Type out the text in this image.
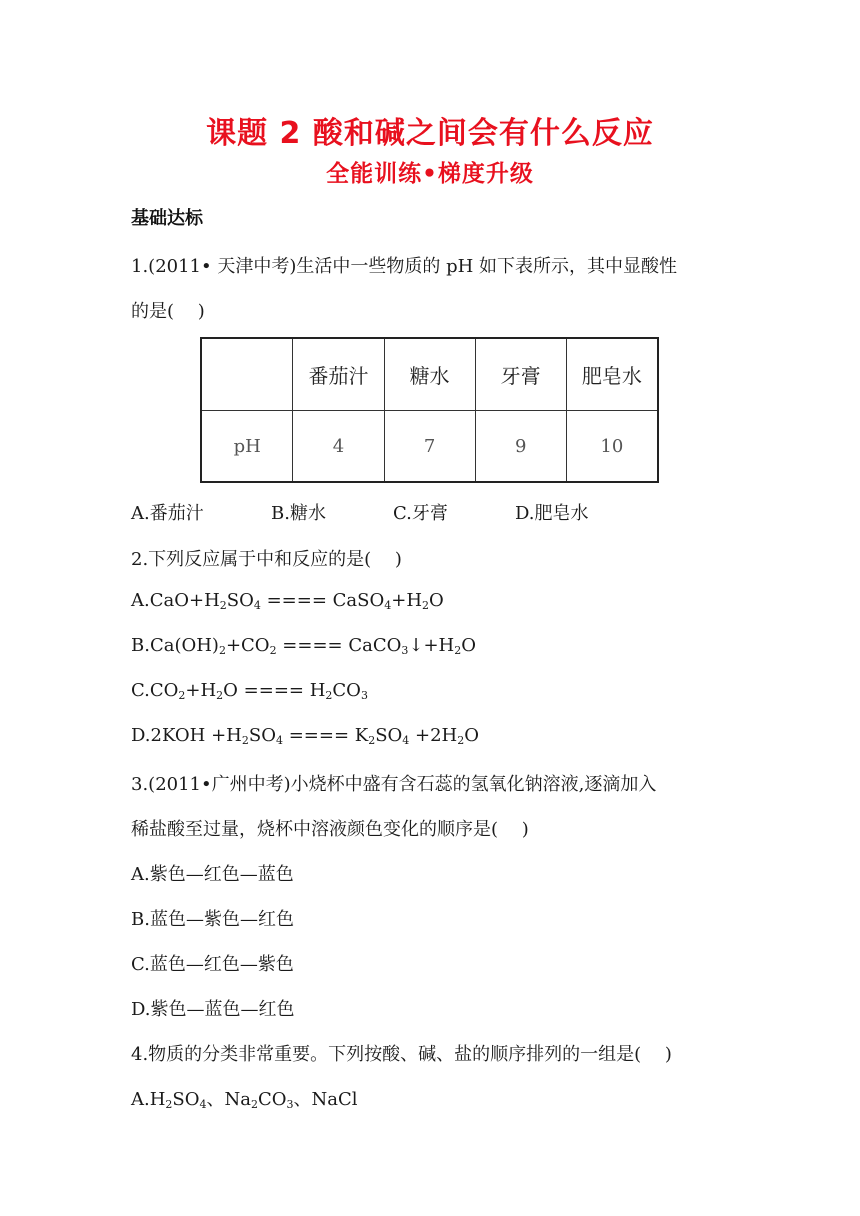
课题 2 酸和碱之间会有什么反应
全能训练•梯度升级
基础达标
1.(2011• 天津中考)生活中一些物质的 pH 如下表所示，其中显酸性
的是(　 )
	番茄汁	糖水	牙膏	肥皂水
pH	4	7	9	10
A.番茄汁	B.糖水	C.牙膏	D.肥皂水
2.下列反应属于中和反应的是(　 )
$A.CaO+H_2SO_4$ ==== $CaSO_4+H_2O$
$B.Ca(OH)_2+CO_2$ ==== $CaCO_3↓+H_2O$
$C.CO_2+H_2O$ ==== $H_2CO_3$
$D.2KOH +H_2SO_4$ ==== $K_2SO_4 +2H_2O$
3.(2011•广州中考)小烧杯中盛有含石蕊的氢氧化钠溶液,逐滴加入
稀盐酸至过量，烧杯中溶液颜色变化的顺序是(　 )
A.紫色—红色—蓝色
B.蓝色—紫色—红色
C.蓝色—红色—紫色
D.紫色—蓝色—红色
4.物质的分类非常重要。下列按酸、碱、盐的顺序排列的一组是(　 )
$A.H_2SO_4$、$Na_2CO_3$、NaCl
